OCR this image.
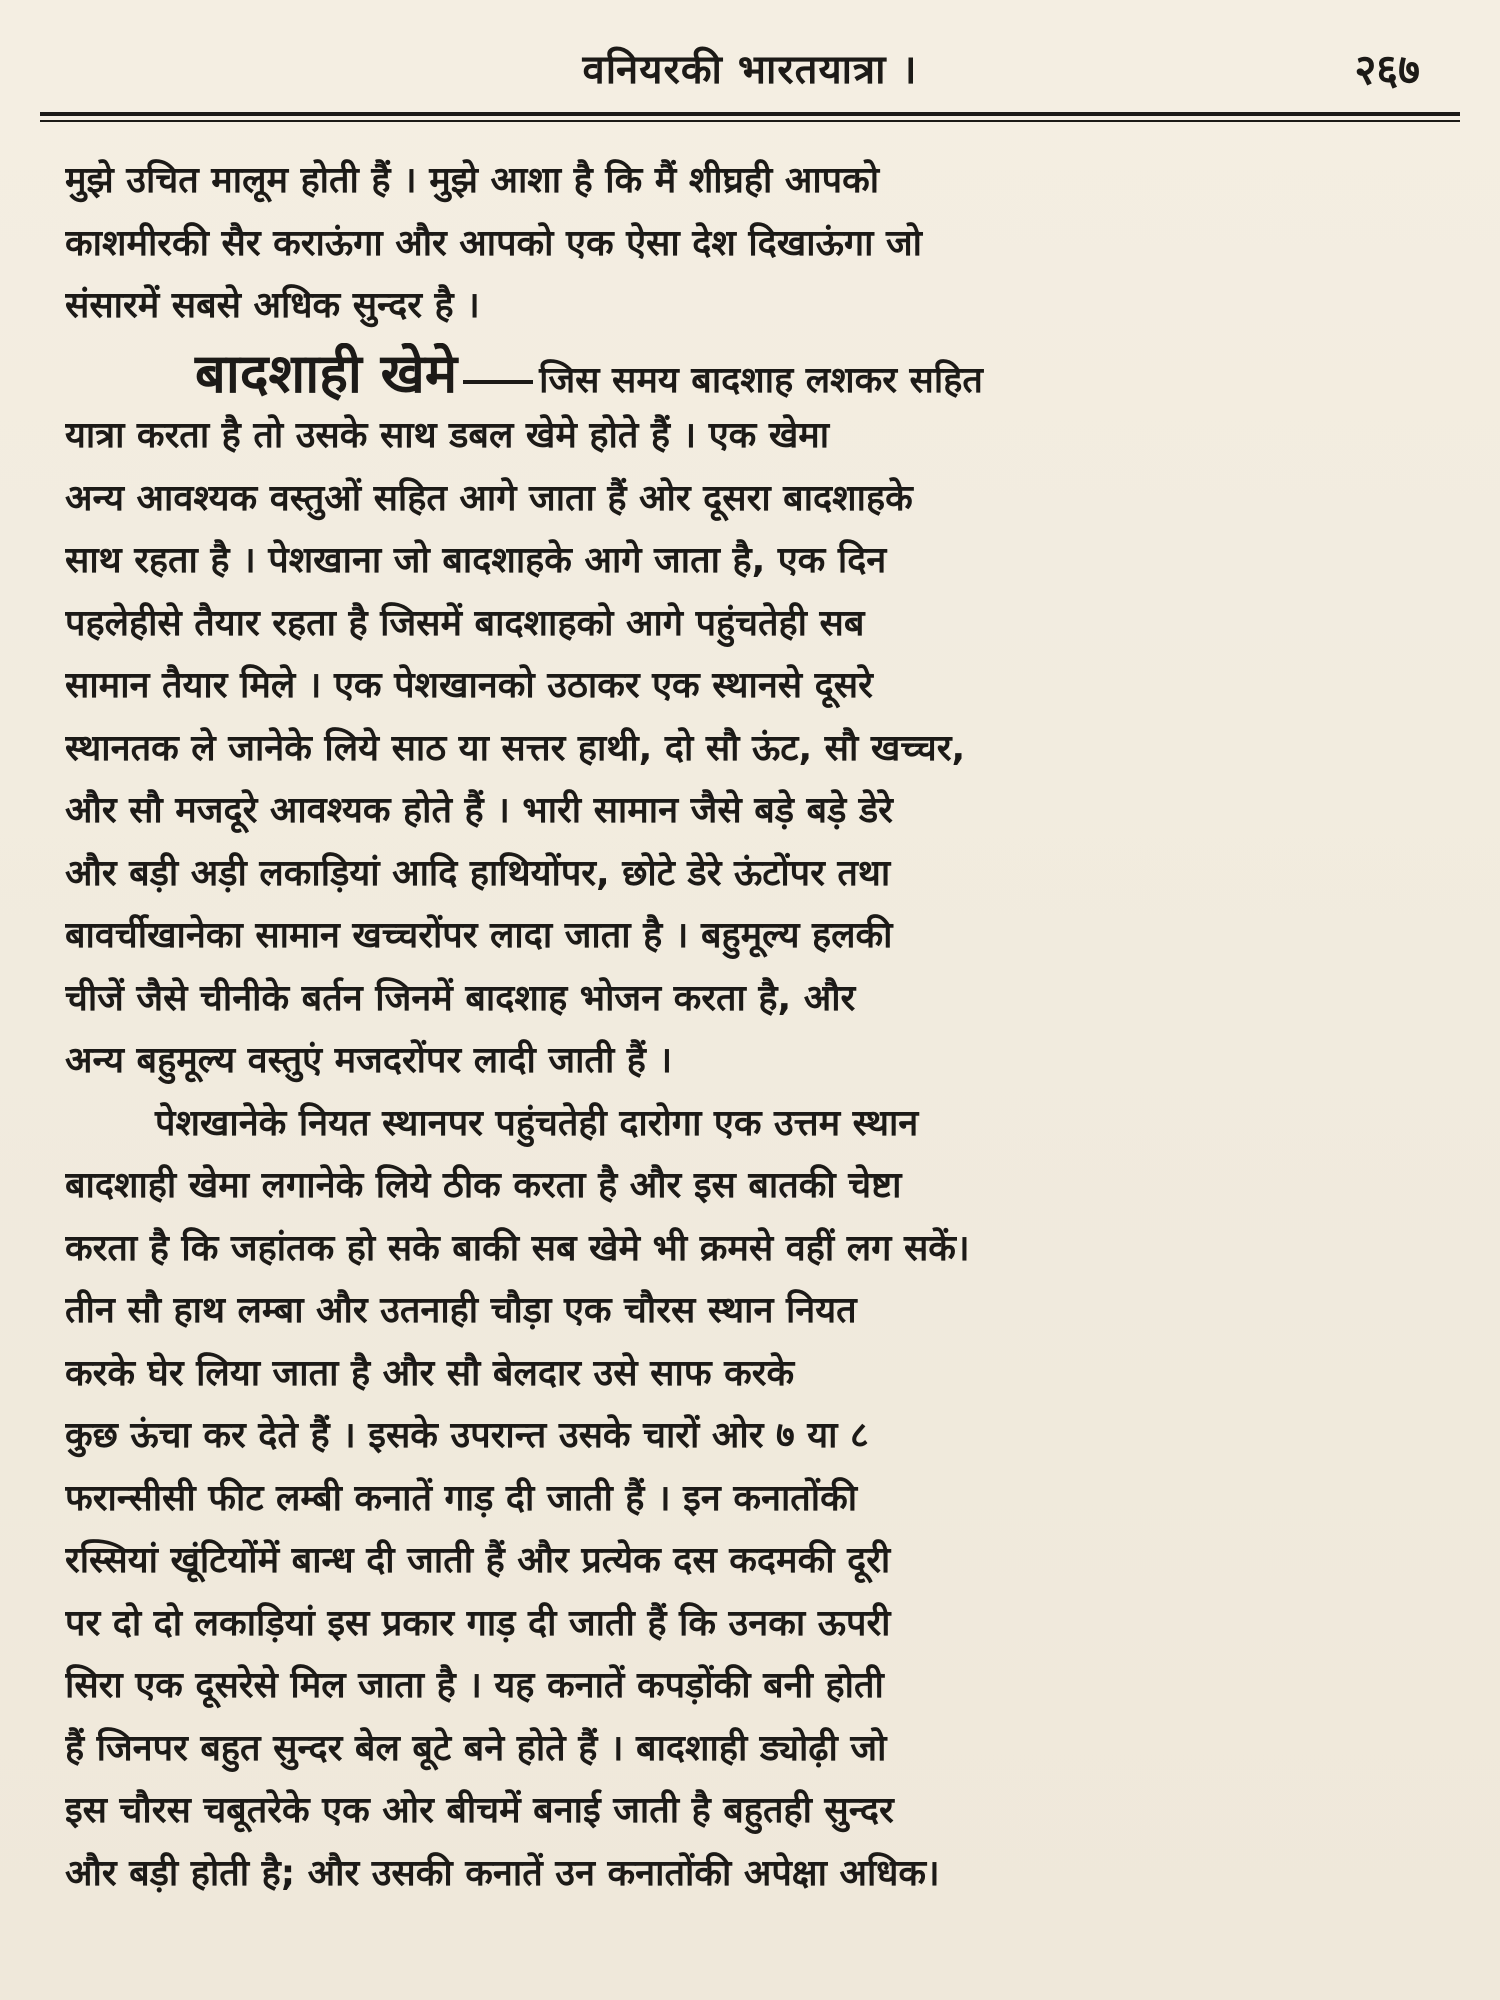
वनियरकी भारतयात्रा ।	२६७
मुझे उचित मालूम होती हैं । मुझे आशा है कि मैं शीघ्रही आपको
काशमीरकी सैर कराऊंगा और आपको एक ऐसा देश दिखाऊंगा जो
संसारमें सबसे अधिक सुन्दर है ।
बादशाही खेमे जिस समय बादशाह लशकर सहित
यात्रा करता है तो उसके साथ डबल खेमे होते हैं । एक खेमा
अन्य आवश्यक वस्तुओं सहित आगे जाता हैं ओर दूसरा बादशाहके
साथ रहता है । पेशखाना जो बादशाहके आगे जाता है, एक दिन
पहलेहीसे तैयार रहता है जिसमें बादशाहको आगे पहुंचतेही सब
सामान तैयार मिले । एक पेशखानको उठाकर एक स्थानसे दूसरे
स्थानतक ले जानेके लिये साठ या सत्तर हाथी, दो सौ ऊंट, सौ खच्चर,
और सौ मजदूरे आवश्यक होते हैं । भारी सामान जैसे बड़े बड़े डेरे
और बड़ी अड़ी लकाड़ियां आदि हाथियोंपर, छोटे डेरे ऊंटोंपर तथा
बावर्चीखानेका सामान खच्चरोंपर लादा जाता है । बहुमूल्य हलकी
चीजें जैसे चीनीके बर्तन जिनमें बादशाह भोजन करता है, और
अन्य बहुमूल्य वस्तुएं मजदरोंपर लादी जाती हैं ।
पेशखानेके नियत स्थानपर पहुंचतेही दारोगा एक उत्तम स्थान
बादशाही खेमा लगानेके लिये ठीक करता है और इस बातकी चेष्टा
करता है कि जहांतक हो सके बाकी सब खेमे भी क्रमसे वहीं लग सकें।
तीन सौ हाथ लम्बा और उतनाही चौड़ा एक चौरस स्थान नियत
करके घेर लिया जाता है और सौ बेलदार उसे साफ करके
कुछ ऊंचा कर देते हैं । इसके उपरान्त उसके चारों ओर ७ या ८
फरान्सीसी फीट लम्बी कनातें गाड़ दी जाती हैं । इन कनातोंकी
रस्सियां खूंटियोंमें बान्ध दी जाती हैं और प्रत्येक दस कदमकी दूरी
पर दो दो लकाड़ियां इस प्रकार गाड़ दी जाती हैं कि उनका ऊपरी
सिरा एक दूसरेसे मिल जाता है । यह कनातें कपड़ोंकी बनी होती
हैं जिनपर बहुत सुन्दर बेल बूटे बने होते हैं । बादशाही ड्योढ़ी जो
इस चौरस चबूतरेके एक ओर बीचमें बनाई जाती है बहुतही सुन्दर
और बड़ी होती है; और उसकी कनातें उन कनातोंकी अपेक्षा अधिक।
